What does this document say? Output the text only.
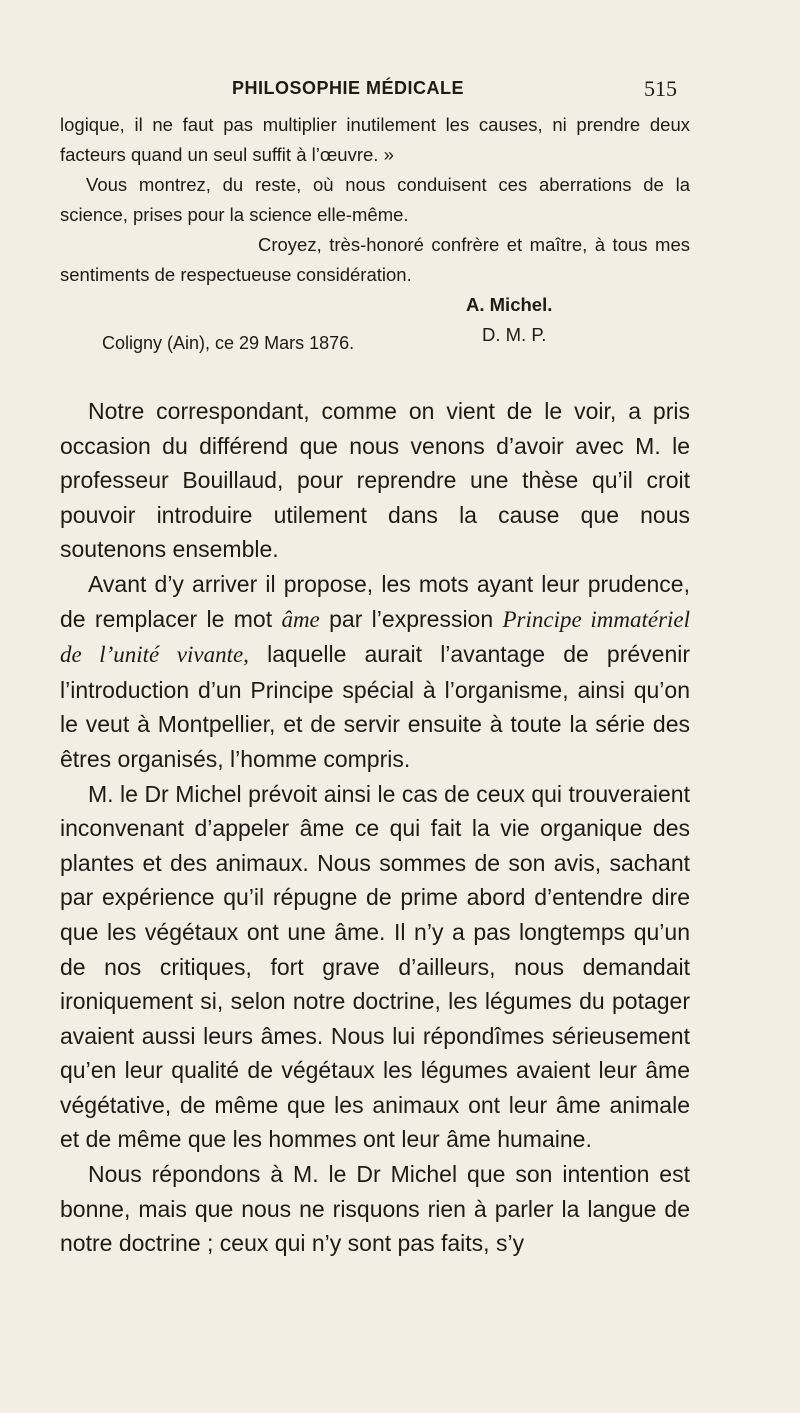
PHILOSOPHIE MÉDICALE	515

logique, il ne faut pas multiplier inutilement les causes, ni prendre deux facteurs quand un seul suffit à l’œuvre. »

Vous montrez, du reste, où nous conduisent ces aberrations de la science, prises pour la science elle-même.

Croyez, très-honoré confrère et maître, à tous mes sentiments de respectueuse considération.

A. Michel.
D. M. P.
Coligny (Ain), ce 29 Mars 1876.

Notre correspondant, comme on vient de le voir, a pris occasion du différend que nous venons d’avoir avec M. le professeur Bouillaud, pour reprendre une thèse qu’il croit pouvoir introduire utilement dans la cause que nous soutenons ensemble.

Avant d’y arriver il propose, les mots ayant leur prudence, de remplacer le mot âme par l’expression Principe immatériel de l’unité vivante, laquelle aurait l’avantage de prévenir l’introduction d’un Principe spécial à l’organisme, ainsi qu’on le veut à Montpellier, et de servir ensuite à toute la série des êtres organisés, l’homme compris.

M. le Dr Michel prévoit ainsi le cas de ceux qui trouveraient inconvenant d’appeler âme ce qui fait la vie organique des plantes et des animaux. Nous sommes de son avis, sachant par expérience qu’il répugne de prime abord d’entendre dire que les végétaux ont une âme. Il n’y a pas longtemps qu’un de nos critiques, fort grave d’ailleurs, nous demandait ironiquement si, selon notre doctrine, les légumes du potager avaient aussi leurs âmes. Nous lui répondîmes sérieusement qu’en leur qualité de végétaux les légumes avaient leur âme végétative, de même que les animaux ont leur âme animale et de même que les hommes ont leur âme humaine.

Nous répondons à M. le Dr Michel que son intention est bonne, mais que nous ne risquons rien à parler la langue de notre doctrine ; ceux qui n’y sont pas faits, s’y
